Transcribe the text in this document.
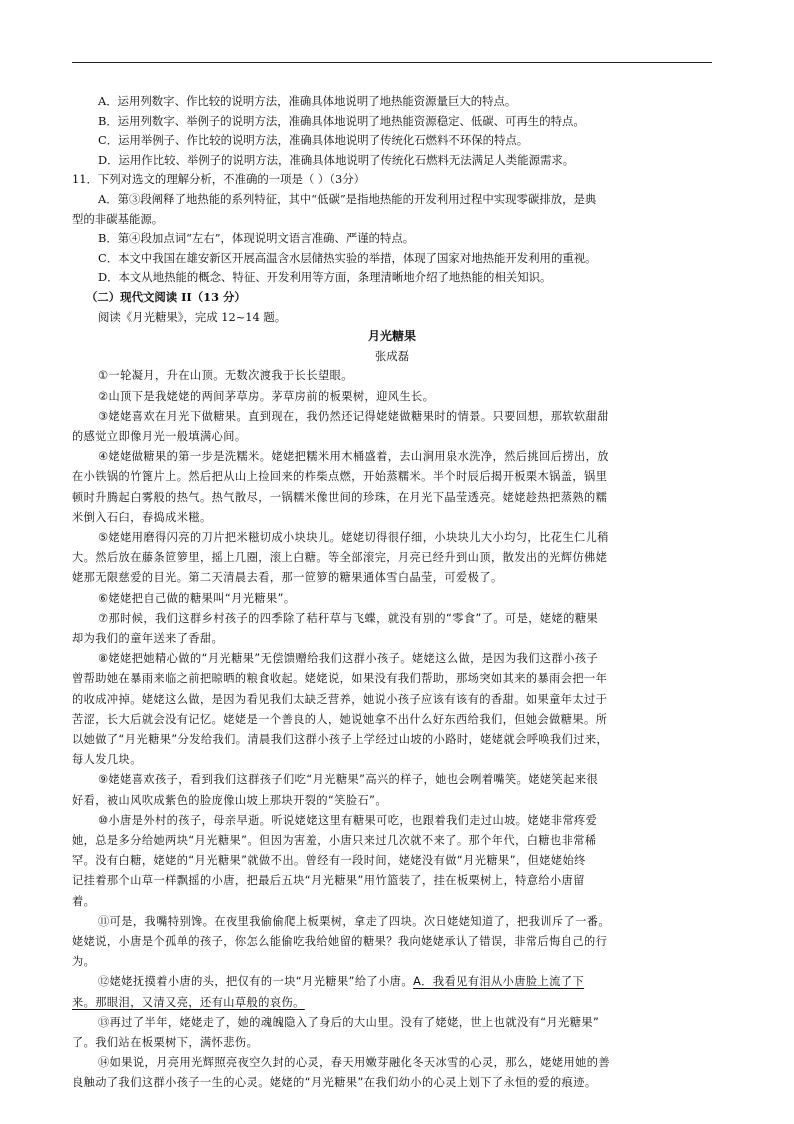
A．运用列数字、作比较的说明方法，准确具体地说明了地热能资源量巨大的特点。
B．运用列数字、举例子的说明方法，准确具体地说明了地热能资源稳定、低碳、可再生的特点。
C．运用举例子、作比较的说明方法，准确具体地说明了传统化石燃料不环保的特点。
D．运用作比较、举例子的说明方法，准确具体地说明了传统化石燃料无法满足人类能源需求。
11．下列对选文的理解分析，不准确的一项是（ ）（3分）
A．第③段阐释了地热能的系列特征，其中“低碳”是指地热能的开发利用过程中实现零碳排放，是典
型的非碳基能源。
B．第④段加点词“左右”，体现说明文语言准确、严谨的特点。
C．本文中我国在雄安新区开展高温含水层储热实验的举措，体现了国家对地热能开发利用的重视。
D．本文从地热能的概念、特征、开发利用等方面，条理清晰地介绍了地热能的相关知识。
（二）现代文阅读 II（13 分）
阅读《月光糖果》，完成 12~14 题。
月光糖果
张成磊
①一轮凝月，升在山顶。无数次渡我于长长望眼。
②山顶下是我姥姥的两间茅草房。茅草房前的板栗树，迎风生长。
③姥姥喜欢在月光下做糖果。直到现在，我仍然还记得姥姥做糖果时的情景。只要回想，那软软甜甜
的感觉立即像月光一般填满心间。
④姥姥做糖果的第一步是洗糯米。姥姥把糯米用木桶盛着，去山涧用泉水洗净，然后挑回后捞出，放
在小铁锅的竹篦片上。然后把从山上捡回来的柞柴点燃，开始蒸糯米。半个时辰后揭开板栗木锅盖，锅里
顿时升腾起白雾般的热气。热气散尽，一锅糯米像世间的珍珠，在月光下晶莹透亮。姥姥趁热把蒸熟的糯
米倒入石臼，春捣成米糍。
⑤姥姥用磨得闪亮的刀片把米糍切成小块块儿。姥姥切得很仔细，小块块儿大小均匀，比花生仁儿稍
大。然后放在藤条笸箩里，摇上几圈，滚上白糖。等全部滚完，月亮已经升到山顶，散发出的光辉仿佛姥
姥那无限慈爱的目光。第二天清晨去看，那一笸箩的糖果通体雪白晶莹，可爱极了。
⑥姥姥把自己做的糖果叫“月光糖果”。
⑦那时候，我们这群乡村孩子的四季除了秸秆草与飞蝶，就没有别的“零食”了。可是，姥姥的糖果
却为我们的童年送来了香甜。
⑧姥姥把她精心做的“月光糖果”无偿馈赠给我们这群小孩子。姥姥这么做，是因为我们这群小孩子
曾帮助她在暴雨来临之前把晾晒的粮食收起。姥姥说，如果没有我们帮助，那场突如其来的暴雨会把一年
的收成冲掉。姥姥这么做，是因为看见我们太缺乏营养，她说小孩子应该有该有的香甜。如果童年太过于
苦涩，长大后就会没有记忆。姥姥是一个善良的人，她说她拿不出什么好东西给我们，但她会做糖果。所
以她做了“月光糖果”分发给我们。清晨我们这群小孩子上学经过山坡的小路时，姥姥就会呼唤我们过来，
每人发几块。
⑨姥姥喜欢孩子，看到我们这群孩子们吃“月光糖果”高兴的样子，她也会咧着嘴笑。姥姥笑起来很
好看，被山风吹成紫色的脸庞像山坡上那块开裂的“笑脸石”。
⑩小唐是外村的孩子，母亲早逝。听说姥姥这里有糖果可吃，也跟着我们走过山坡。姥姥非常疼爱
她，总是多分给她两块“月光糖果”。但因为害羞，小唐只来过几次就不来了。那个年代，白糖也非常稀
罕。没有白糖，姥姥的“月光糖果”就做不出。曾经有一段时间，姥姥没有做“月光糖果”，但姥姥始终
记挂着那个山草一样飘摇的小唐，把最后五块“月光糖果”用竹篮装了，挂在板栗树上，特意给小唐留
着。
⑪可是，我嘴特别馋。在夜里我偷偷爬上板栗树，拿走了四块。次日姥姥知道了，把我训斥了一番。
姥姥说，小唐是个孤单的孩子，你怎么能偷吃我给她留的糖果？我向姥姥承认了错误，非常后悔自己的行
为。
⑫姥姥抚摸着小唐的头，把仅有的一块“月光糖果”给了小唐。A．我看见有泪从小唐脸上流了下
来。那眼泪，又清又亮，还有山草般的哀伤。
⑬再过了半年，姥姥走了，她的魂魄隐入了身后的大山里。没有了姥姥，世上也就没有“月光糖果”
了。我们站在板栗树下，满怀悲伤。
⑭如果说，月亮用光辉照亮夜空久封的心灵，春天用嫩芽融化冬天冰雪的心灵，那么，姥姥用她的善
良触动了我们这群小孩子一生的心灵。姥姥的“月光糖果”在我们幼小的心灵上划下了永恒的爱的痕迹。
